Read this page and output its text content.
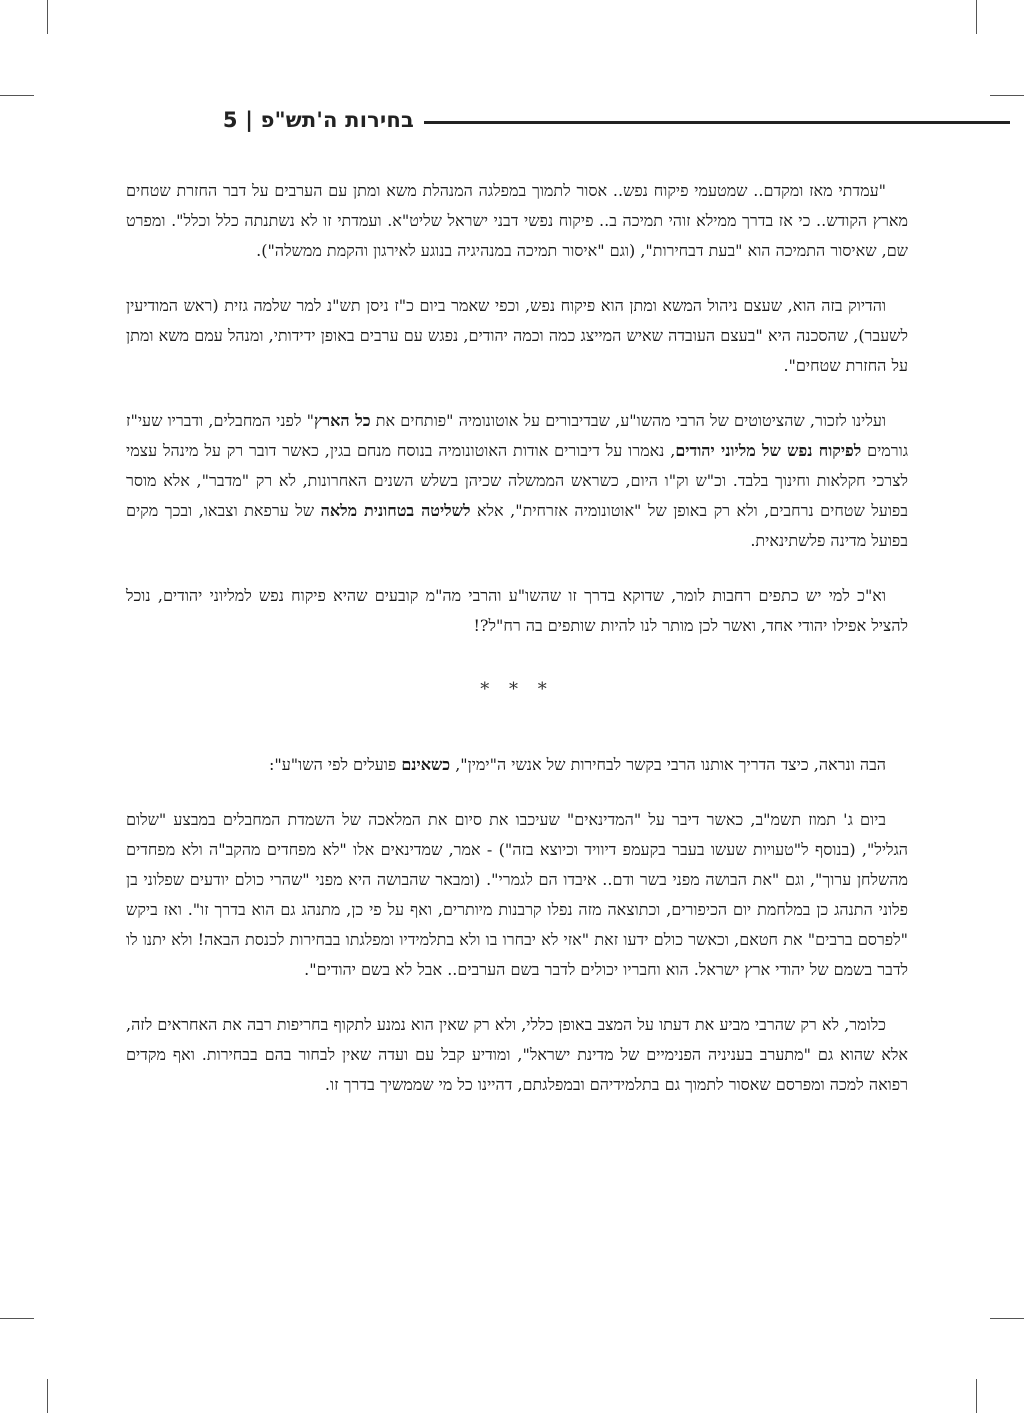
בחירות ה'תש"פ | 5

"עמדתי מאז ומקדם.. שמטעמי פיקוח נפש.. אסור לתמוך במפלגה המנהלת משא ומתן עם הערבים על דבר החזרת שטחים מארץ הקודש.. כי אז בדרך ממילא זוהי תמיכה ב.. פיקוח נפשי דבני ישראל שליט"א. ועמדתי זו לא נשתנתה כלל וכלל". ומפרט שם, שאיסור התמיכה הוא "בעת דבחירות", (וגם "איסור תמיכה במנהיגיה בנוגע לאירגון והקמת ממשלה").

והדיוק בזה הוא, שעצם ניהול המשא ומתן הוא פיקוח נפש, וכפי שאמר ביום כ"ז ניסן תש"נ למר שלמה גזית (ראש המודיעין לשעבר), שהסכנה היא "בעצם העובדה שאיש המייצג כמה וכמה יהודים, נפגש עם ערבים באופן ידידותי, ומנהל עמם משא ומתן על החזרת שטחים".

ועלינו לזכור, שהציטוטים של הרבי מהשו"ע, שבדיבורים על אוטונומיה "פותחים את כל הארץ" לפני המחבלים, ודבריו שעי"ז גורמים לפיקוח נפש של מליוני יהודים, נאמרו על דיבורים אודות האוטונומיה בנוסח מנחם בגין, כאשר דובר רק על מינהל עצמי לצרכי חקלאות וחינוך בלבד. וכ"ש וק"ו היום, כשראש הממשלה שכיהן בשלש השנים האחרונות, לא רק "מדבר", אלא מוסר בפועל שטחים נרחבים, ולא רק באופן של "אוטונומיה אזרחית", אלא לשליטה בטחונית מלאה של ערפאת וצבאו, ובכך מקים בפועל מדינה פלשתינאית.

וא"כ למי יש כתפים רחבות לומר, שדוקא בדרך זו שהשו"ע והרבי מה"מ קובעים שהיא פיקוח נפש למליוני יהודים, נוכל להציל אפילו יהודי אחד, ואשר לכן מותר לנו להיות שותפים בה רח"ל?!

* * *

הבה ונראה, כיצד הדריך אותנו הרבי בקשר לבחירות של אנשי ה"ימין", כשאינם פועלים לפי השו"ע":

ביום ג' תמוז תשמ"ב, כאשר דיבר על "המדינאים" שעיכבו את סיום את המלאכה של השמדת המחבלים במבצע "שלום הגליל", (בנוסף ל"טעויות שעשו בעבר בקעמפ דיוויד וכיוצא בזה") - אמר, שמדינאים אלו "לא מפחדים מהקב"ה ולא מפחדים מהשלחן ערוך", וגם "את הבושה מפני בשר ודם.. איבדו הם לגמרי". (ומבאר שהבושה היא מפני "שהרי כולם יודעים שפלוני בן פלוני התנהג כן במלחמת יום הכיפורים, וכתוצאה מזה נפלו קרבנות מיותרים, ואף על פי כן, מתנהג גם הוא בדרך זו". ואז ביקש "לפרסם ברבים" את חטאם, וכאשר כולם ידעו זאת "אזי לא יבחרו בו ולא בתלמידיו ומפלגתו בבחירות לכנסת הבאה! ולא יתנו לו לדבר בשמם של יהודי ארץ ישראל. הוא וחבריו יכולים לדבר בשם הערבים.. אבל לא בשם יהודים".

כלומר, לא רק שהרבי מביע את דעתו על המצב באופן כללי, ולא רק שאין הוא נמנע לתקוף בחריפות רבה את האחראים לזה, אלא שהוא גם "מתערב בעניניה הפנימיים של מדינת ישראל", ומודיע קבל עם ועדה שאין לבחור בהם בבחירות. ואף מקדים רפואה למכה ומפרסם שאסור לתמוך גם בתלמידיהם ובמפלגתם, דהיינו כל מי שממשיך בדרך זו.
